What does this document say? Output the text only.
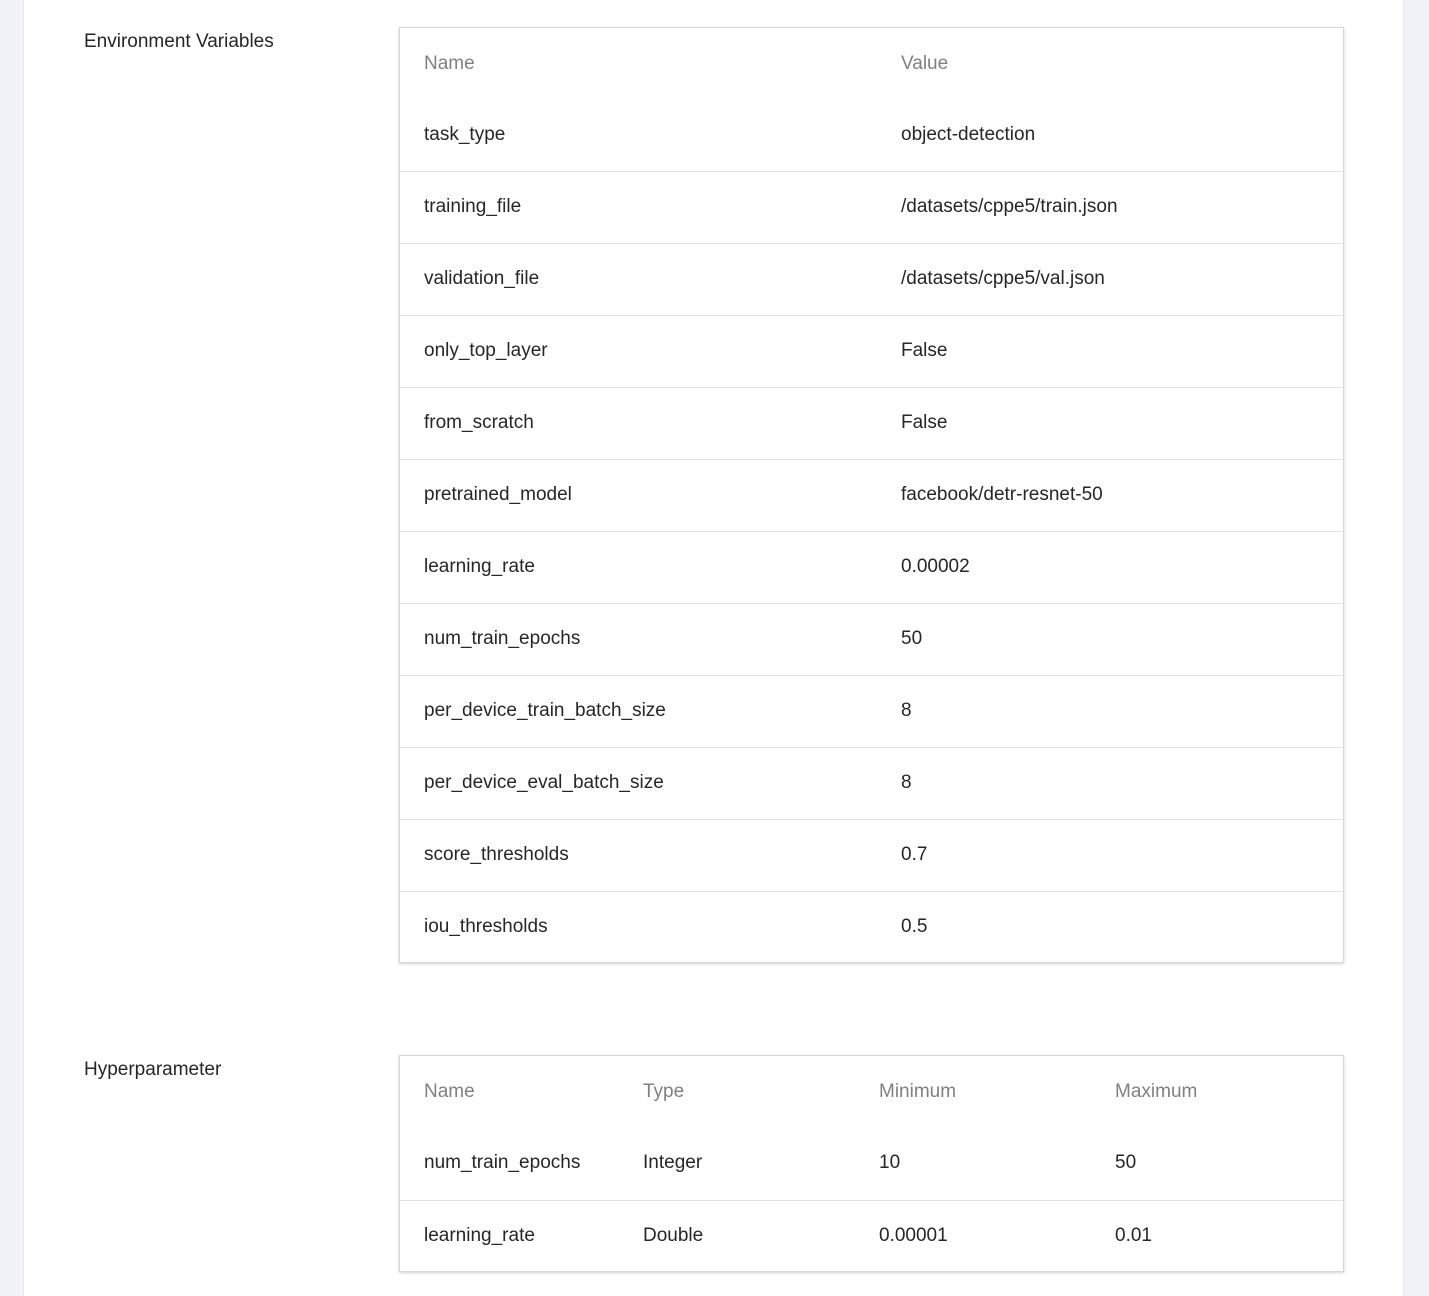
Environment Variables
Name	Value
task_type	object-detection
training_file	/datasets/cppe5/train.json
validation_file	/datasets/cppe5/val.json
only_top_layer	False
from_scratch	False
pretrained_model	facebook/detr-resnet-50
learning_rate	0.00002
num_train_epochs	50
per_device_train_batch_size	8
per_device_eval_batch_size	8
score_thresholds	0.7
iou_thresholds	0.5
Hyperparameter
Name	Type	Minimum	Maximum
num_train_epochs	Integer	10	50
learning_rate	Double	0.00001	0.01
